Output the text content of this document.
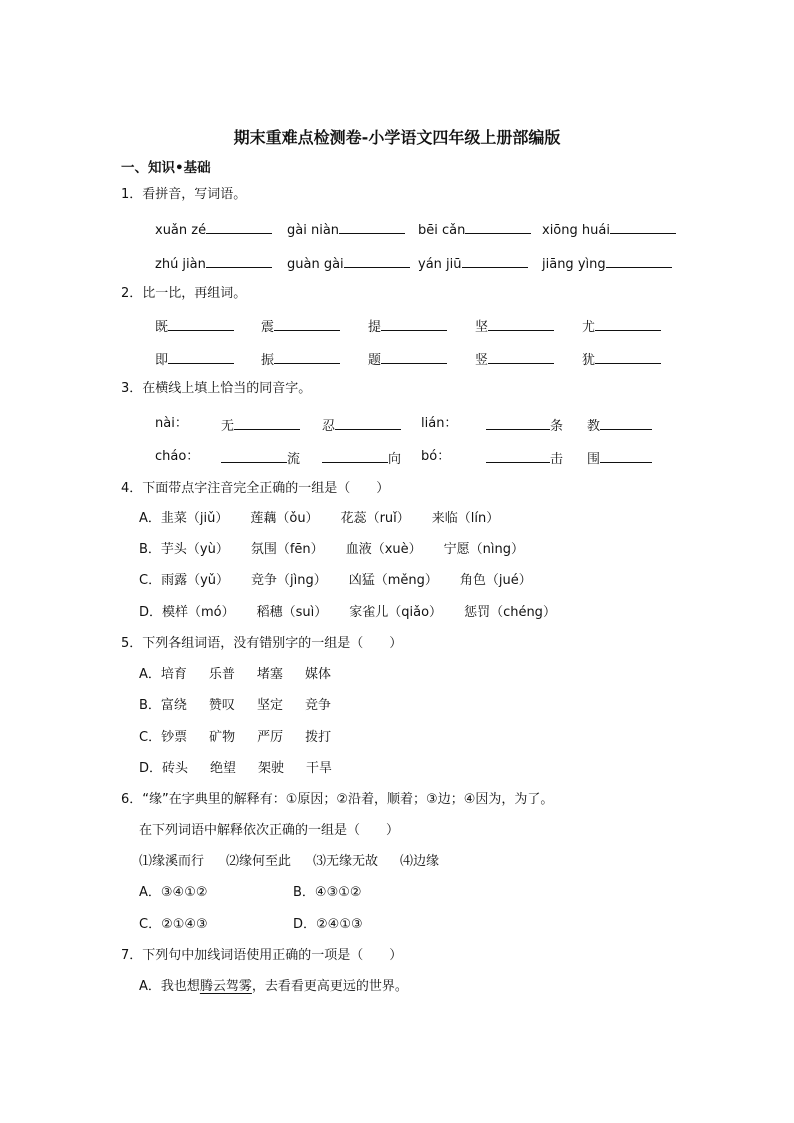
期末重难点检测卷-小学语文四年级上册部编版
一、知识•基础
1．看拼音，写词语。
xuǎn zé	gài niàn	bēi cǎn	xiōng huái
zhú jiàn	guàn gài	yán jiū	jiāng yìng
2．比一比，再组词。
既	震	提	坚	尤
即	振	题	竖	犹
3．在横线上填上恰当的同音字。
nài：	无	忍	lián：	条 教
cháo：	流	向 bó：	击 围
4．下面带点字注音完全正确的一组是（　　）
A．韭菜（jiǔ） 莲藕（ǒu） 花蕊（ruǐ） 来临（lín）
B．芋头（yù） 氛围（fēn） 血液（xuè） 宁愿（nìng）
C．雨露（yǔ） 竞争（jìng） 凶猛（měng） 角色（jué）
D．模样（mó） 稻穗（suì） 家雀儿（qiǎo） 惩罚（chéng）
5．下列各组词语，没有错别字的一组是（　　）
A．培育 乐普 堵塞 媒体
B．富绕 赞叹 坚定 竞争
C．钞票 矿物 严厉 拨打
D．砖头 绝望 架驶 干旱
6．“缘”在字典里的解释有：①原因；②沿着，顺着；③边；④因为，为了。
在下列词语中解释依次正确的一组是（　　）
⑴缘溪而行 ⑵缘何至此 ⑶无缘无故 ⑷边缘
A．③④①②	B．④③①②
C．②①④③	D．②④①③
7．下列句中加线词语使用正确的一项是（　　）
A．我也想腾云驾雾，去看看更高更远的世界。
